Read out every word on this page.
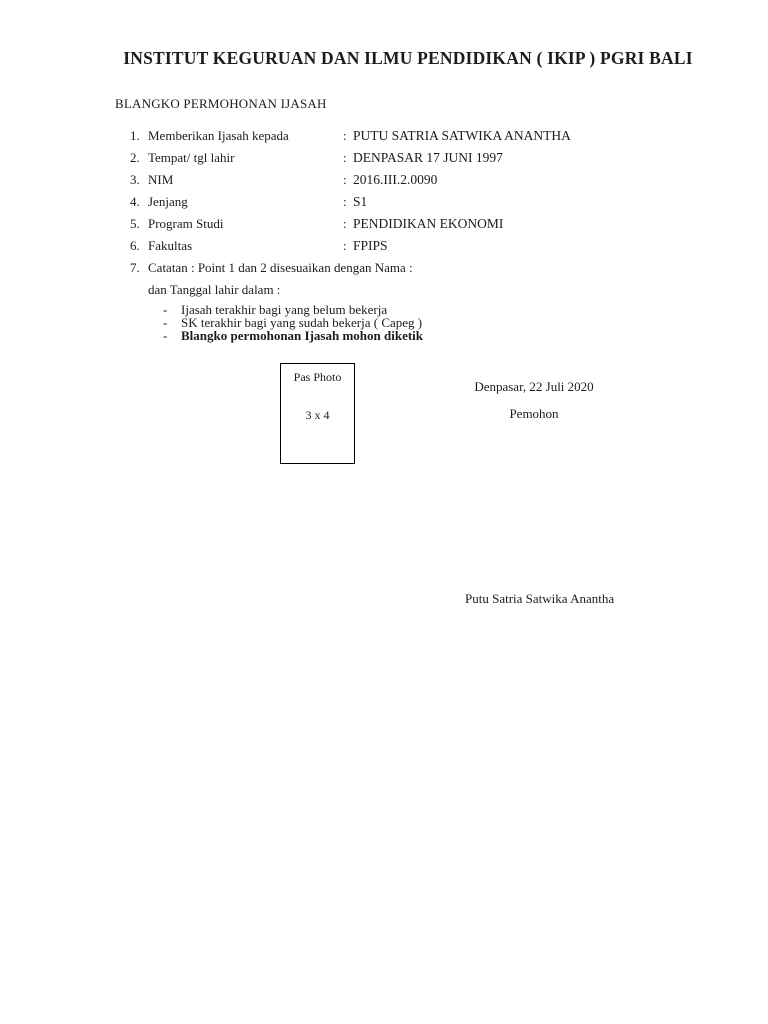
INSTITUT KEGURUAN DAN ILMU PENDIDIKAN ( IKIP ) PGRI BALI
BLANGKO PERMOHONAN IJASAH
1. Memberikan Ijasah kepada	: PUTU SATRIA SATWIKA ANANTHA
2. Tempat/ tgl lahir	: DENPASAR 17 JUNI 1997
3. NIM	: 2016.III.2.0090
4. Jenjang	: S1
5. Program Studi	: PENDIDIKAN EKONOMI
6. Fakultas	: FPIPS
7. Catatan : Point 1 dan 2 disesuaikan dengan Nama :
dan Tanggal lahir dalam :
- Ijasah terakhir bagi yang belum bekerja
- SK terakhir bagi yang sudah bekerja ( Capeg )
- Blangko permohonan Ijasah mohon diketik
Pas Photo
3 x 4
Denpasar, 22 Juli 2020
Pemohon
Putu Satria Satwika Anantha
